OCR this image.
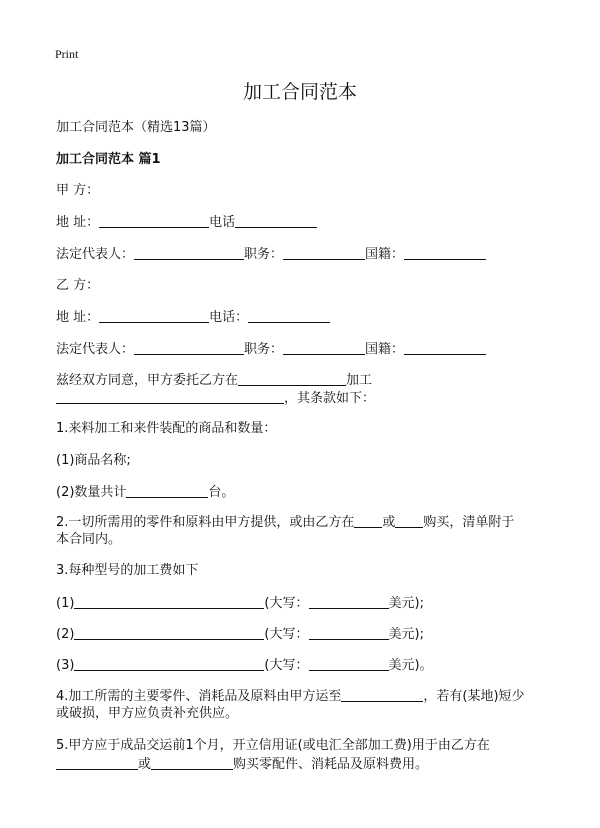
Print
加工合同范本
加工合同范本（精选13篇）
加工合同范本 篇1
甲 方：
地 址：	电话
法定代表人：	职务：	国籍：
乙 方：
地 址：	电话：
法定代表人：	职务：	国籍：
兹经双方同意，甲方委托乙方在	加工
，其条款如下：
1.来料加工和来件装配的商品和数量：
(1)商品名称;
(2)数量共计	台。
2.一切所需用的零件和原料由甲方提供，或由乙方在 或 购买，清单附于
本合同内。
3.每种型号的加工费如下
(1)	(大写：	美元);
(2)	(大写：	美元);
(3)	(大写：	美元)。
4.加工所需的主要零件、消耗品及原料由甲方运至	，若有(某地)短少
或破损，甲方应负责补充供应。
5.甲方应于成品交运前1个月，开立信用证(或电汇全部加工费)用于由乙方在
或	购买零配件、消耗品及原料费用。
